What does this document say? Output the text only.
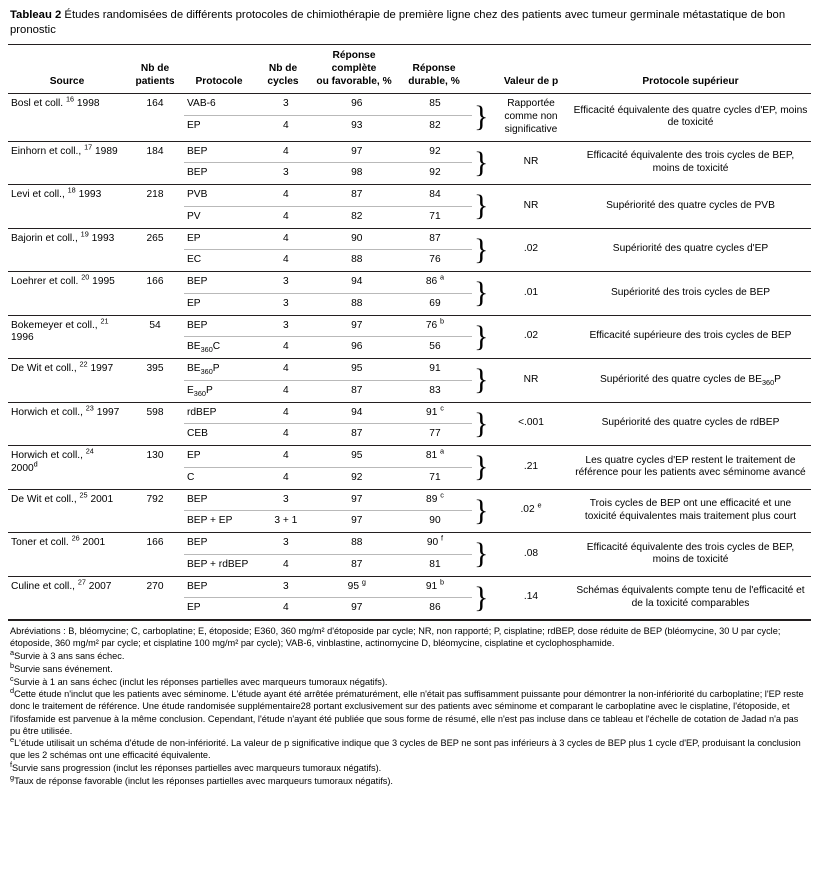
Tableau 2 Études randomisées de différents protocoles de chimiothérapie de première ligne chez des patients avec tumeur germinale métastatique de bon pronostic
Source	Nb de
patients	Protocole	Nb de
cycles	Réponse
complète
ou favorable, %	Réponse
durable, %		Valeur de p	Protocole supérieur
Bosl et coll. $^{16}$ 1998	164	VAB-6	3	96	85
EP	4	93	82
	}	Rapportée comme non significative	Efficacité équivalente des quatre cycles d'EP, moins de toxicité
Einhorn et coll., $^{17}$ 1989	184	BEP	4	97	92
BEP	3	98	92
	}	NR	Efficacité équivalente des trois cycles de BEP, moins de toxicité
Levi et coll., $^{18}$ 1993	218	PVB	4	87	84
PV	4	82	71
	}	NR	Supériorité des quatre cycles de PVB
Bajorin et coll., $^{19}$ 1993	265	EP	4	90	87
EC	4	88	76
	}	.02	Supériorité des quatre cycles d'EP
Loehrer et coll. $^{20}$ 1995	166	BEP	3	94	86 $^a$
EP	3	88	69
	}	.01	Supériorité des trois cycles de BEP
Bokemeyer et coll., $^{21}$ 1996	54		BEP	3	97	76 $^b$
$BE_{360}C$	4	96	56
	}	.02	Efficacité supérieure des trois cycles de BEP
De Wit et coll., $^{22}$ 1997	395	$BE_{360}P$	4	95	91
$E_{360}P$	4	87	83
	}	NR	Supériorité des quatre cycles de $BE_{360}P$
Horwich et coll., $^{23}$ 1997	598	rdBEP	4	94	91 $^c$
CEB	4	87	77
	}	<.001	Supériorité des quatre cycles de rdBEP
Horwich et coll., $^{24}$ 2000$^d$	130	EP	4	95	81 $^a$
C	4	92	71
	}	.21	Les quatre cycles d'EP restent le traitement de référence pour les patients avec séminome avancé
De Wit et coll., $^{25}$ 2001	792	BEP	3	97	89 $^c$
BEP + EP	3 + 1	97	90
	}	.02 $^e$	Trois cycles de BEP ont une efficacité et une toxicité équivalentes mais traitement plus court
Toner et coll. $^{26}$ 2001	166	BEP	3	88	90 $^f$
BEP + rdBEP	4	87	81
	}	.08	Efficacité équivalente des trois cycles de BEP, moins de toxicité
Culine et coll., $^{27}$ 2007	270	BEP	3	95 $^g$	91 $^b$
EP	4	97	86
	}	.14	Schémas équivalents compte tenu de l'efficacité et de la toxicité comparables

Abréviations : B, bléomycine; C, carboplatine; E, étoposide; E360, 360 mg/m² d'étoposide par cycle; NR, non rapporté; P, cisplatine; rdBEP, dose réduite de BEP (bléomycine, 30 U par cycle; étoposide, 360 mg/m² par cycle; et cisplatine 100 mg/m² par cycle); VAB-6, vinblastine, actinomycine D, bléomycine, cisplatine et cyclophosphamide.

$^a$Survie à 3 ans sans échec.

$^b$Survie sans événement.

$^c$Survie à 1 an sans échec (inclut les réponses partielles avec marqueurs tumoraux négatifs).

$^d$Cette étude n'inclut que les patients avec séminome. L'étude ayant été arrêtée prématurément, elle n'était pas suffisamment puissante pour démontrer la non-infériorité du carboplatine; l'EP reste donc le traitement de référence. Une étude randomisée supplémentaire28 portant exclusivement sur des patients avec séminome et comparant le carboplatine avec le cisplatine, l'étoposide, et l'ifosfamide est parvenue à la même conclusion. Cependant, l'étude n'ayant été publiée que sous forme de résumé, elle n'est pas incluse dans ce tableau et l'échelle de cotation de Jadad n'a pas pu être utilisée.

$^e$L'étude utilisait un schéma d'étude de non-infériorité. La valeur de p significative indique que 3 cycles de BEP ne sont pas inférieurs à 3 cycles de BEP plus 1 cycle d'EP, produisant la conclusion que les 2 schémas ont une efficacité équivalente.

$^f$Survie sans progression (inclut les réponses partielles avec marqueurs tumoraux négatifs).

$^g$Taux de réponse favorable (inclut les réponses partielles avec marqueurs tumoraux négatifs).
